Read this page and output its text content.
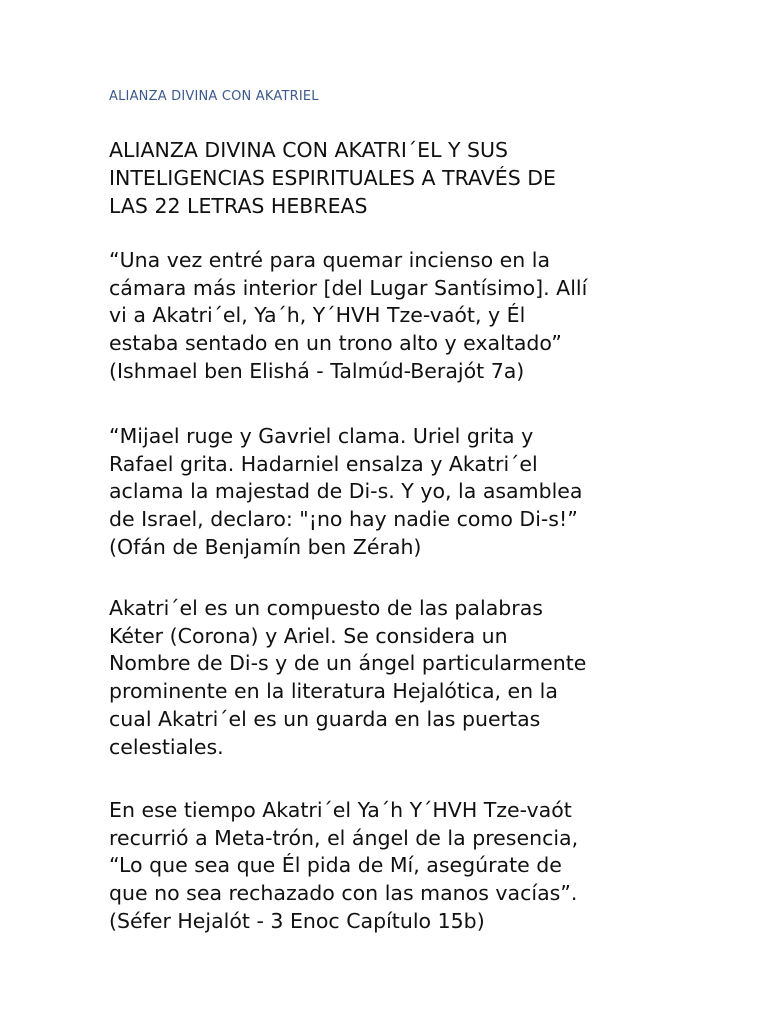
ALIANZA DIVINA CON AKATRIEL
ALIANZA DIVINA CON AKATRI´EL Y SUS
INTELIGENCIAS ESPIRITUALES A TRAVÉS DE
LAS 22 LETRAS HEBREAS

“Una vez entré para quemar incienso en la
cámara más interior [del Lugar Santísimo]. Allí
vi a Akatri´el, Ya´h, Y´HVH Tze-vaót, y Él
estaba sentado en un trono alto y exaltado”
(Ishmael ben Elishá - Talmúd-Berajót 7a)

“Mijael ruge y Gavriel clama. Uriel grita y
Rafael grita. Hadarniel ensalza y Akatri´el
aclama la majestad de Di-s. Y yo, la asamblea
de Israel, declaro: "¡no hay nadie como Di-s!”
(Ofán de Benjamín ben Zérah)

Akatri´el es un compuesto de las palabras
Kéter (Corona) y Ariel. Se considera un
Nombre de Di-s y de un ángel particularmente
prominente en la literatura Hejalótica, en la
cual Akatri´el es un guarda en las puertas
celestiales.

En ese tiempo Akatri´el Ya´h Y´HVH Tze-vaót
recurrió a Meta-trón, el ángel de la presencia,
“Lo que sea que Él pida de Mí, asegúrate de
que no sea rechazado con las manos vacías”.
(Séfer Hejalót - 3 Enoc Capítulo 15b)
